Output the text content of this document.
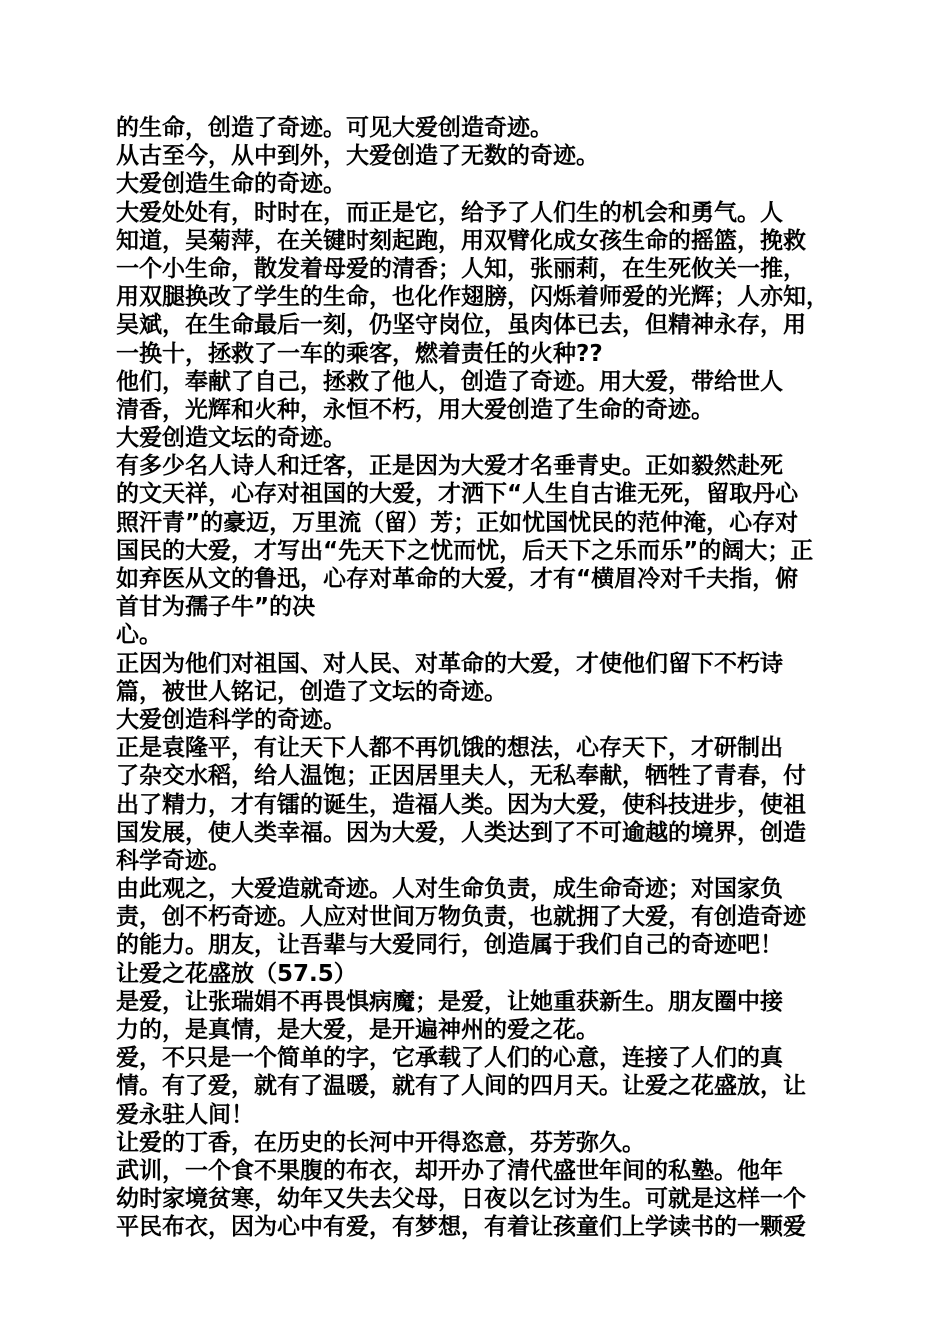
的生命，创造了奇迹。可见大爱创造奇迹。
从古至今，从中到外，大爱创造了无数的奇迹。
大爱创造生命的奇迹。
大爱处处有，时时在，而正是它，给予了人们生的机会和勇气。人
知道，吴菊萍，在关键时刻起跑，用双臂化成女孩生命的摇篮，挽救
一个小生命，散发着母爱的清香；人知，张丽莉，在生死攸关一推，
用双腿换改了学生的生命，也化作翅膀，闪烁着师爱的光辉；人亦知，
吴斌，在生命最后一刻，仍坚守岗位，虽肉体已去，但精神永存，用
一换十，拯救了一车的乘客，燃着责任的火种??
他们，奉献了自己，拯救了他人，创造了奇迹。用大爱，带给世人
清香，光辉和火种，永恒不朽，用大爱创造了生命的奇迹。
大爱创造文坛的奇迹。
有多少名人诗人和迁客，正是因为大爱才名垂青史。正如毅然赴死
的文天祥，心存对祖国的大爱，才洒下“人生自古谁无死，留取丹心
照汗青”的豪迈，万里流（留）芳；正如忧国忧民的范仲淹，心存对
国民的大爱，才写出“先天下之忧而忧，后天下之乐而乐”的阔大；正
如弃医从文的鲁迅，心存对革命的大爱，才有“横眉冷对千夫指，俯
首甘为孺子牛”的决
心。
正因为他们对祖国、对人民、对革命的大爱，才使他们留下不朽诗
篇，被世人铭记，创造了文坛的奇迹。
大爱创造科学的奇迹。
正是袁隆平，有让天下人都不再饥饿的想法，心存天下，才研制出
了杂交水稻，给人温饱；正因居里夫人，无私奉献，牺牲了青春，付
出了精力，才有镭的诞生，造福人类。因为大爱，使科技进步，使祖
国发展，使人类幸福。因为大爱，人类达到了不可逾越的境界，创造
科学奇迹。
由此观之，大爱造就奇迹。人对生命负责，成生命奇迹；对国家负
责，创不朽奇迹。人应对世间万物负责，也就拥了大爱，有创造奇迹
的能力。朋友，让吾辈与大爱同行，创造属于我们自己的奇迹吧！
让爱之花盛放（57.5）
是爱，让张瑞娟不再畏惧病魔；是爱，让她重获新生。朋友圈中接
力的，是真情，是大爱，是开遍神州的爱之花。
爱，不只是一个简单的字，它承载了人们的心意，连接了人们的真
情。有了爱，就有了温暖，就有了人间的四月天。让爱之花盛放，让
爱永驻人间！
让爱的丁香，在历史的长河中开得恣意，芬芳弥久。
武训，一个食不果腹的布衣，却开办了清代盛世年间的私塾。他年
幼时家境贫寒，幼年又失去父母，日夜以乞讨为生。可就是这样一个
平民布衣，因为心中有爱，有梦想，有着让孩童们上学读书的一颗爱
